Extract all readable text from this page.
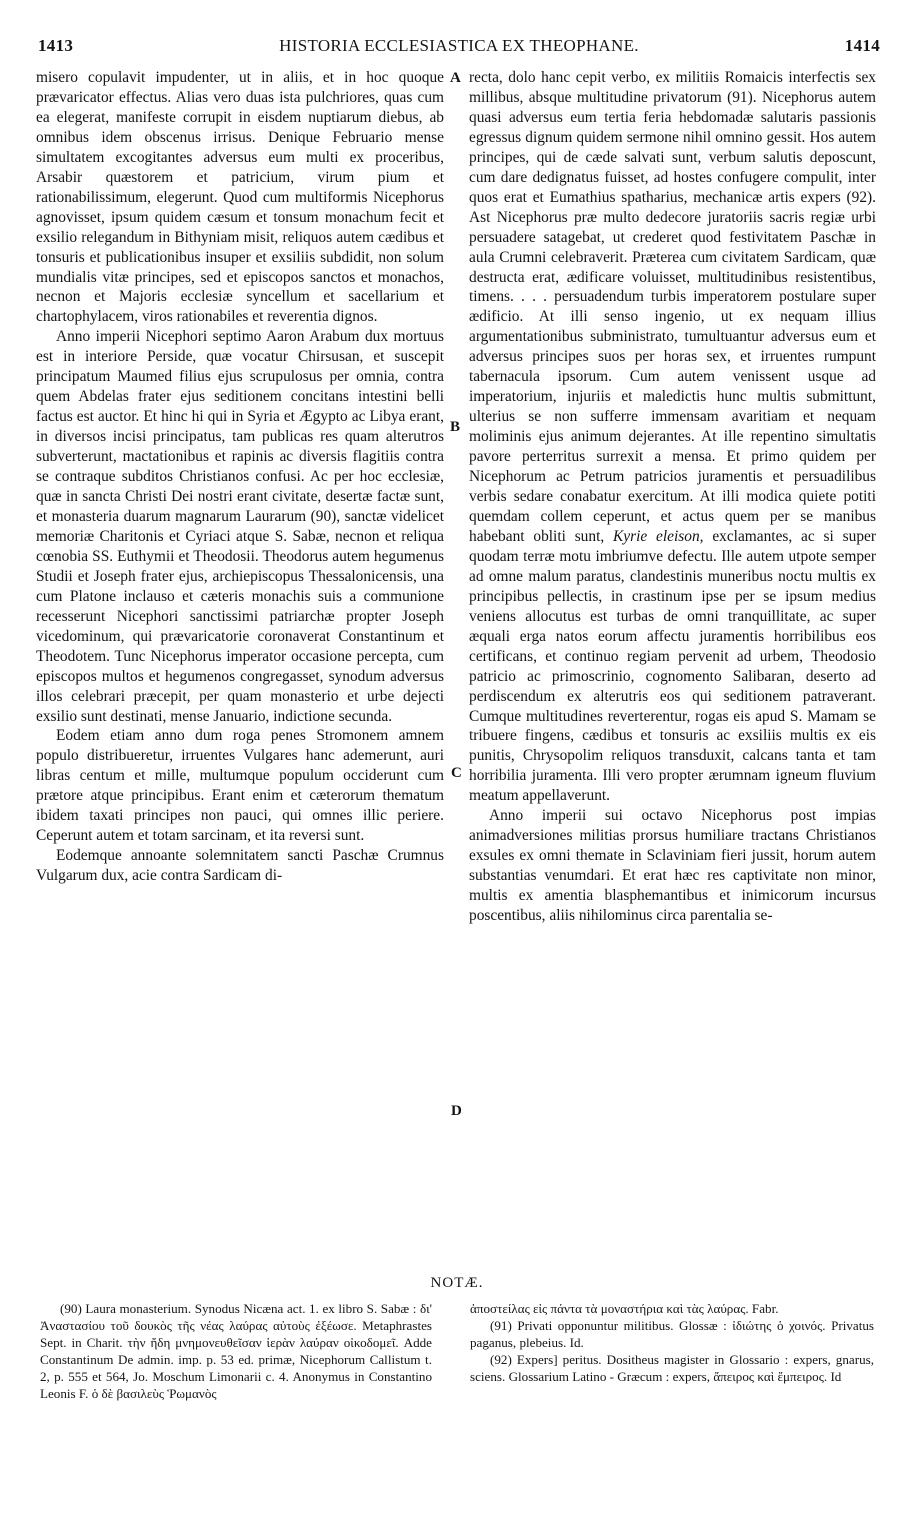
1413	HISTORIA ECCLESIASTICA EX THEOPHANE.	1414

misero copulavit impudenter, ut in aliis, et in hoc quoque prævaricator effectus. Alias vero duas ista pulchriores, quas cum ea elegerat, manifeste corrupit in eisdem nuptiarum diebus, ab omnibus idem obscenus irrisus. Denique Februario mense simultatem excogitantes adversus eum multi ex proceribus, Arsabir quæstorem et patricium, virum pium et rationabilissimum, elegerunt. Quod cum multiformis Nicephorus agnovisset, ipsum quidem cæsum et tonsum monachum fecit et exsilio relegandum in Bithyniam misit, reliquos autem cædibus et tonsuris et publicationibus insuper et exsiliis subdidit, non solum mundialis vitæ principes, sed et episcopos sanctos et monachos, necnon et Majoris ecclesiæ syncellum et sacellarium et chartophylacem, viros rationabiles et reverentia dignos.

Anno imperii Nicephori septimo Aaron Arabum dux mortuus est in interiore Perside, quæ vocatur Chirsusan, et suscepit principatum Maumed filius ejus scrupulosus per omnia, contra quem Abdelas frater ejus seditionem concitans intestini belli factus est auctor. Et hinc hi qui in Syria et Ægypto ac Libya erant, in diversos incisi principatus, tam publicas res quam alterutros subverterunt, mactationibus et rapinis ac diversis flagitiis contra se contraque subditos Christianos confusi. Ac per hoc ecclesiæ, quæ in sancta Christi Dei nostri erant civitate, desertæ factæ sunt, et monasteria duarum magnarum Laurarum (90), sanctæ videlicet memoriæ Charitonis et Cyriaci atque S. Sabæ, necnon et reliqua cœnobia SS. Euthymii et Theodosii. Theodorus autem hegumenus Studii et Joseph frater ejus, archiepiscopus Thessalonicensis, una cum Platone inclauso et cæteris monachis suis a communione recesserunt Nicephori sanctissimi patriarchæ propter Joseph vicedominum, qui prævaricatorie coronaverat Constantinum et Theodotem. Tunc Nicephorus imperator occasione percepta, cum episcopos multos et hegumenos congregasset, synodum adversus illos celebrari præcepit, per quam monasterio et urbe dejecti exsilio sunt destinati, mense Januario, indictione secunda.

Eodem etiam anno dum roga penes Stromonem amnem populo distribueretur, irruentes Vulgares hanc ademerunt, auri libras centum et mille, multumque populum occiderunt cum prætore atque principibus. Erant enim et cæterorum thematum ibidem taxati principes non pauci, qui omnes illic periere. Ceperunt autem et totam sarcinam, et ita reversi sunt.

Eodemque annoante solemnitatem sancti Paschæ Crumnus Vulgarum dux, acie contra Sardicam di-

recta, dolo hanc cepit verbo, ex militiis Romaicis interfectis sex millibus, absque multitudine privatorum (91). Nicephorus autem quasi adversus eum tertia feria hebdomadæ salutaris passionis egressus dignum quidem sermone nihil omnino gessit. Hos autem principes, qui de cæde salvati sunt, verbum salutis deposcunt, cum dare dedignatus fuisset, ad hostes confugere compulit, inter quos erat et Eumathius spatharius, mechanicæ artis expers (92). Ast Nicephorus præ multo dedecore juratoriis sacris regiæ urbi persuadere satagebat, ut crederet quod festivitatem Paschæ in aula Crumni celebraverit. Præterea cum civitatem Sardicam, quæ destructa erat, ædificare voluisset, multitudinibus resistentibus, timens. . . . persuadendum turbis imperatorem postulare super ædificio. At illi senso ingenio, ut ex nequam illius argumentationibus subministrato, tumultuantur adversus eum et adversus principes suos per horas sex, et irruentes rumpunt tabernacula ipsorum. Cum autem venissent usque ad imperatorium, injuriis et maledictis hunc multis submittunt, ulterius se non sufferre immensam avaritiam et nequam moliminis ejus animum dejerantes. At ille repentino simultatis pavore perterritus surrexit a mensa. Et primo quidem per Nicephorum ac Petrum patricios juramentis et persuadilibus verbis sedare conabatur exercitum. At illi modica quiete potiti quemdam collem ceperunt, et actus quem per se manibus habebant obliti sunt, Kyrie eleison, exclamantes, ac si super quodam terræ motu imbriumve defectu. Ille autem utpote semper ad omne malum paratus, clandestinis muneribus noctu multis ex principibus pellectis, in crastinum ipse per se ipsum medius veniens allocutus est turbas de omni tranquillitate, ac super æquali erga natos eorum affectu juramentis horribilibus eos certificans, et continuo regiam pervenit ad urbem, Theodosio patricio ac primoscrinio, cognomento Salibaran, deserto ad perdiscendum ex alterutris eos qui seditionem patraverant. Cumque multitudines reverterentur, rogas eis apud S. Mamam se tribuere fingens, cædibus et tonsuris ac exsiliis multis ex eis punitis, Chrysopolim reliquos transduxit, calcans tanta et tam horribilia juramenta. Illi vero propter ærumnam igneum fluvium meatum appellaverunt.

Anno imperii sui octavo Nicephorus post impias animadversiones militias prorsus humiliare tractans Christianos exsules ex omni themate in Sclaviniam fieri jussit, horum autem substantias venumdari. Et erat hæc res captivitate non minor, multis ex amentia blasphemantibus et inimicorum incursus poscentibus, aliis nihilominus circa parentalia se-

A
B
C
D
NOTÆ.

(90) Laura monasterium. Synodus Nicæna act. 1. ex libro S. Sabæ : δι' Ἀναστασίου τοῦ δουκὸς τῆς νέας λαύρας αὐτοὺς ἐξέωσε. Metaphrastes Sept. in Charit. τὴν ἤδη μνημονευθεῖσαν ἱερὰν λαύραν οἰκοδομεῖ. Adde Constantinum De admin. imp. p. 53 ed. primæ, Nicephorum Callistum t. 2, p. 555 et 564, Jo. Moschum Limonarii c. 4. Anonymus in Constantino Leonis F. ὁ δὲ βασιλεὺς Ῥωμανὸς

ἀποστείλας εἰς πάντα τὰ μοναστήρια καὶ τὰς λαύρας. Fabr.

(91) Privati opponuntur militibus. Glossæ : ἰδιώτης ὁ χοινός. Privatus paganus, plebeius. Id.

(92) Expers] peritus. Dositheus magister in Glossario : expers, gnarus, sciens. Glossarium Latino - Græcum : expers, ἄπειρος καὶ ἔμπειρος. Id
